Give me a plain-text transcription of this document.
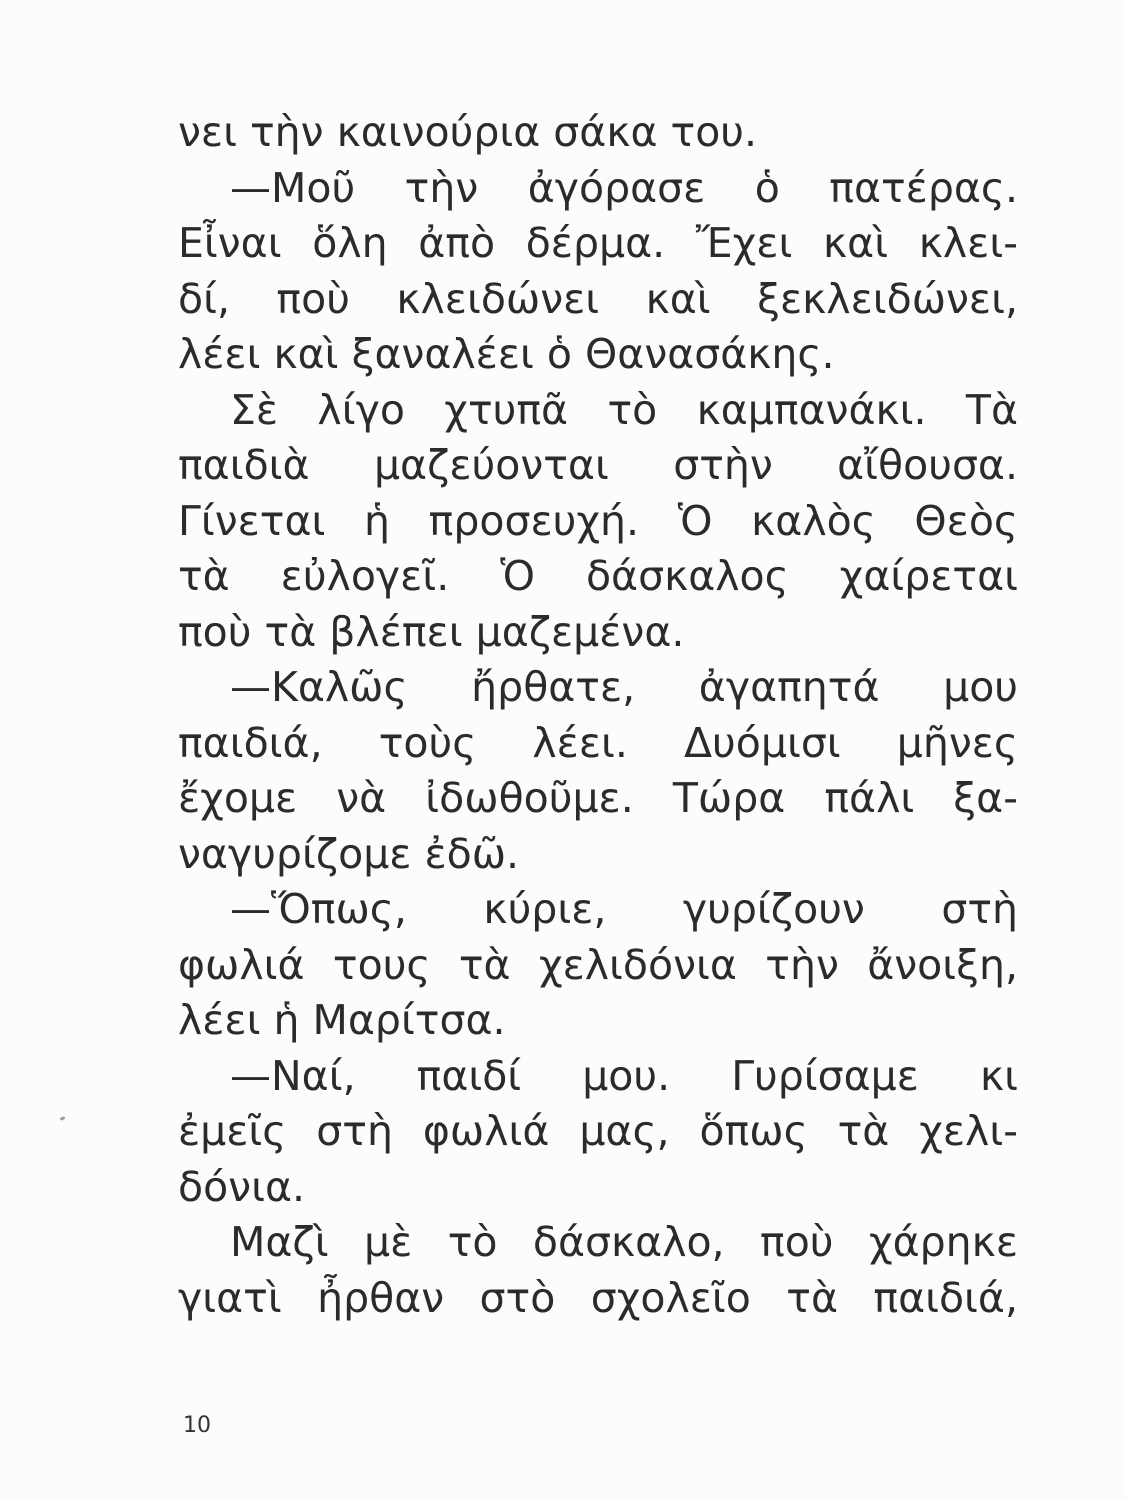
νει τὴν καινούρια σάκα του.
—Μοῦ τὴν ἀγόρασε ὁ πατέρας.
Εἶναι ὅλη ἀπὸ δέρμα. Ἔχει καὶ κλει-
δί, ποὺ κλειδώνει καὶ ξεκλειδώνει,
λέει καὶ ξαναλέει ὁ Θανασάκης.
Σὲ λίγο χτυπᾶ τὸ καμπανάκι. Τὰ
παιδιὰ μαζεύονται στὴν αἴθουσα.
Γίνεται ἡ προσευχή. Ὁ καλὸς Θεὸς
τὰ εὐλογεῖ. Ὁ δάσκαλος χαίρεται
ποὺ τὰ βλέπει μαζεμένα.
—Καλῶς ἤρθατε, ἀγαπητά μου
παιδιά, τοὺς λέει. Δυόμισι μῆνες
ἔχομε νὰ ἰδωθοῦμε. Τώρα πάλι ξα-
ναγυρίζομε ἐδῶ.
—Ὅπως, κύριε, γυρίζουν στὴ
φωλιά τους τὰ χελιδόνια τὴν ἄνοιξη,
λέει ἡ Μαρίτσα.
—Ναί, παιδί μου. Γυρίσαμε κι
ἐμεῖς στὴ φωλιά μας, ὅπως τὰ χελι-
δόνια.
Μαζὶ μὲ τὸ δάσκαλο, ποὺ χάρηκε
γιατὶ ἦρθαν στὸ σχολεῖο τὰ παιδιά,
10
